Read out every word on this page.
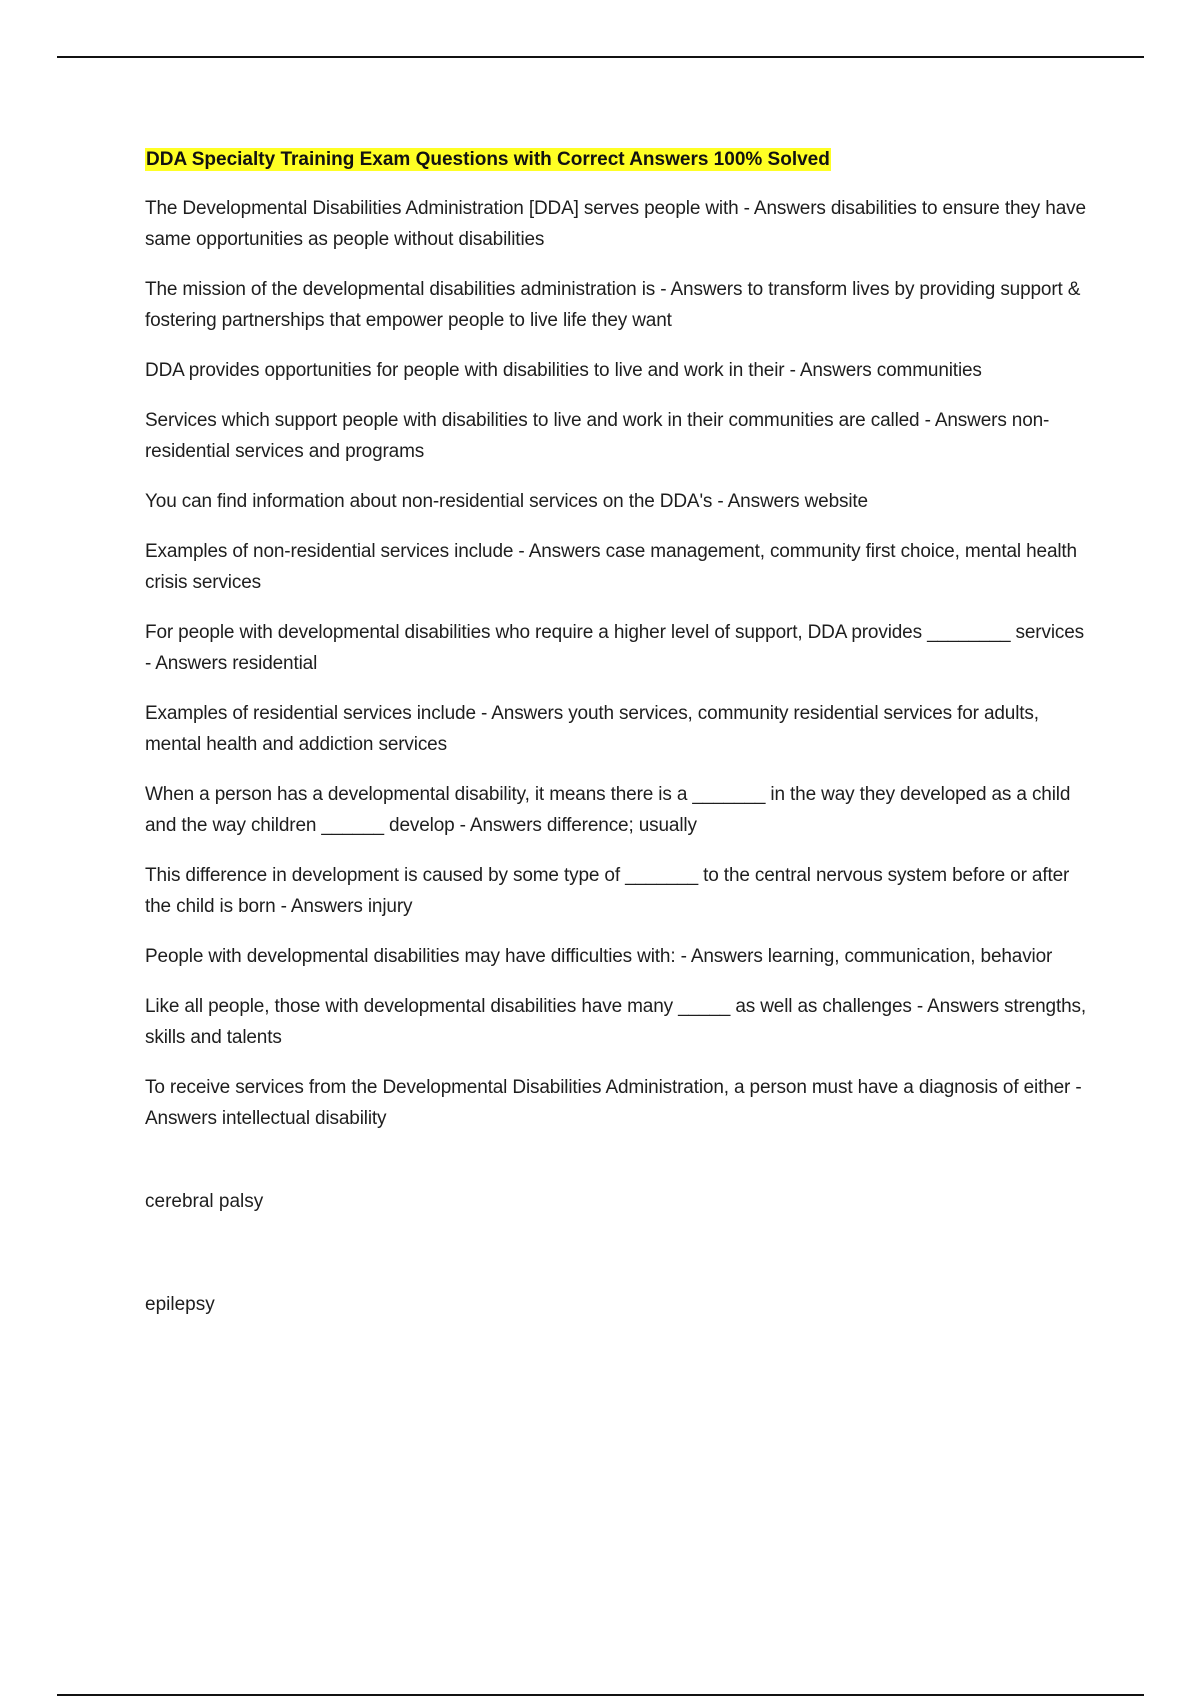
DDA Specialty Training Exam Questions with Correct Answers 100% Solved

The Developmental Disabilities Administration [DDA] serves people with - Answers disabilities to ensure they have same opportunities as people without disabilities

The mission of the developmental disabilities administration is - Answers to transform lives by providing support & fostering partnerships that empower people to live life they want

DDA provides opportunities for people with disabilities to live and work in their - Answers communities

Services which support people with disabilities to live and work in their communities are called - Answers non-residential services and programs

You can find information about non-residential services on the DDA's - Answers website

Examples of non-residential services include - Answers case management, community first choice, mental health crisis services

For people with developmental disabilities who require a higher level of support, DDA provides ________ services - Answers residential

Examples of residential services include - Answers youth services, community residential services for adults, mental health and addiction services

When a person has a developmental disability, it means there is a _______ in the way they developed as a child and the way children ______ develop - Answers difference; usually

This difference in development is caused by some type of _______ to the central nervous system before or after the child is born - Answers injury

People with developmental disabilities may have difficulties with: - Answers learning, communication, behavior

Like all people, those with developmental disabilities have many _____ as well as challenges - Answers strengths, skills and talents

To receive services from the Developmental Disabilities Administration, a person must have a diagnosis of either - Answers intellectual disability

cerebral palsy

epilepsy
